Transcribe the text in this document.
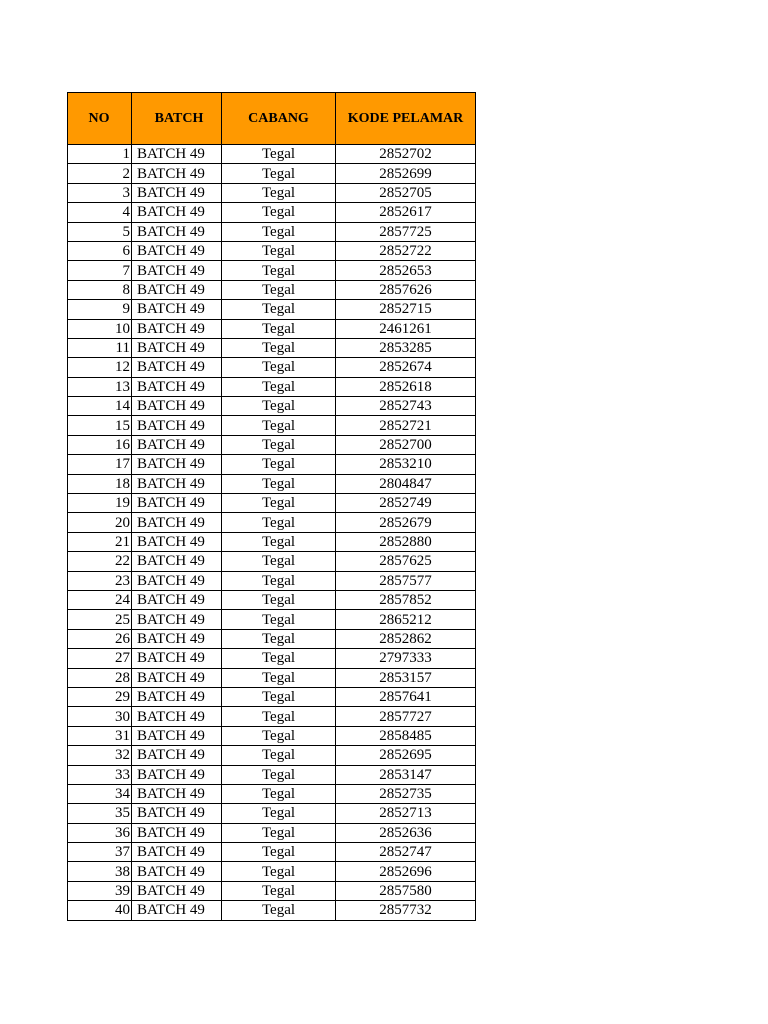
NO	BATCH	CABANG	KODE PELAMAR
1	BATCH 49	Tegal	2852702
2	BATCH 49	Tegal	2852699
3	BATCH 49	Tegal	2852705
4	BATCH 49	Tegal	2852617
5	BATCH 49	Tegal	2857725
6	BATCH 49	Tegal	2852722
7	BATCH 49	Tegal	2852653
8	BATCH 49	Tegal	2857626
9	BATCH 49	Tegal	2852715
10	BATCH 49	Tegal	2461261
11	BATCH 49	Tegal	2853285
12	BATCH 49	Tegal	2852674
13	BATCH 49	Tegal	2852618
14	BATCH 49	Tegal	2852743
15	BATCH 49	Tegal	2852721
16	BATCH 49	Tegal	2852700
17	BATCH 49	Tegal	2853210
18	BATCH 49	Tegal	2804847
19	BATCH 49	Tegal	2852749
20	BATCH 49	Tegal	2852679
21	BATCH 49	Tegal	2852880
22	BATCH 49	Tegal	2857625
23	BATCH 49	Tegal	2857577
24	BATCH 49	Tegal	2857852
25	BATCH 49	Tegal	2865212
26	BATCH 49	Tegal	2852862
27	BATCH 49	Tegal	2797333
28	BATCH 49	Tegal	2853157
29	BATCH 49	Tegal	2857641
30	BATCH 49	Tegal	2857727
31	BATCH 49	Tegal	2858485
32	BATCH 49	Tegal	2852695
33	BATCH 49	Tegal	2853147
34	BATCH 49	Tegal	2852735
35	BATCH 49	Tegal	2852713
36	BATCH 49	Tegal	2852636
37	BATCH 49	Tegal	2852747
38	BATCH 49	Tegal	2852696
39	BATCH 49	Tegal	2857580
40	BATCH 49	Tegal	2857732
